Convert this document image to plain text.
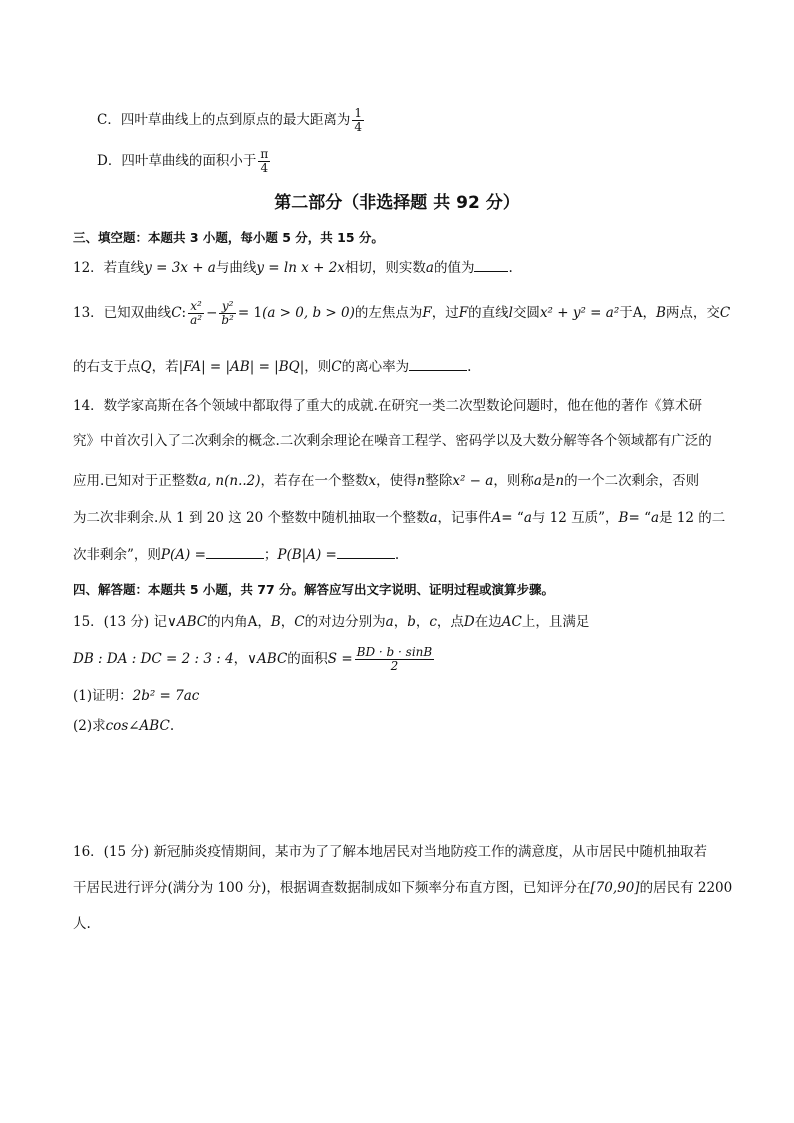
C．四叶草曲线上的点到原点的最大距离为 $\frac{1}{4}$
D．四叶草曲线的面积小于 $\frac{\pi}{4}$
第二部分（非选择题 共 92 分）
三、填空题：本题共 3 小题，每小题 5 分，共 15 分。
12．若直线y = 3x + a与曲线y = ln x + 2x相切，则实数a的值为	.
13．已知双曲线C: $\frac{\text{x²}}{\text{a²}} - \frac{\text{y²}}{\text{b²}} = 1(a > 0$, b > 0)的左焦点为F，过F的直线l交圆x² + y² = a²于A，B两点，交C
的右支于点Q，若|FA| = |AB| = |BQ|，则C的离心率为	.
14．数学家高斯在各个领域中都取得了重大的成就.在研究一类二次型数论问题时，他在他的著作《算术研
究》中首次引入了二次剩余的概念.二次剩余理论在噪音工程学、密码学以及大数分解等各个领域都有广泛的
应用.已知对于正整数a, n(n..2)，若存在一个整数x，使得n整除x² − a，则称a是n的一个二次剩余，否则
为二次非剩余.从 1 到 20 这 20 个整数中随机抽取一个整数a，记事件A= “a与 12 互质”，B= “a是 12 的二
次非剩余”，则P(A) =	；P(B|A) =	.
四、解答题：本题共 5 小题，共 77 分。解答应写出文字说明、证明过程或演算步骤。
15．(13 分) 记∨ABC的内角A，B，C的对边分别为a，b，c，点D在边AC上，且满足
DB : DA : DC = 2 : 3 : 4，∨ABC的面积$S = \frac{BD \cdot b \cdot \sin B}{2}$
(1)证明：2b² = 7ac
(2)求cos∠ABC.
16．(15 分) 新冠肺炎疫情期间，某市为了了解本地居民对当地防疫工作的满意度，从市居民中随机抽取若
干居民进行评分(满分为 100 分)，根据调查数据制成如下频率分布直方图，已知评分在[70,90]的居民有 2200
人.
